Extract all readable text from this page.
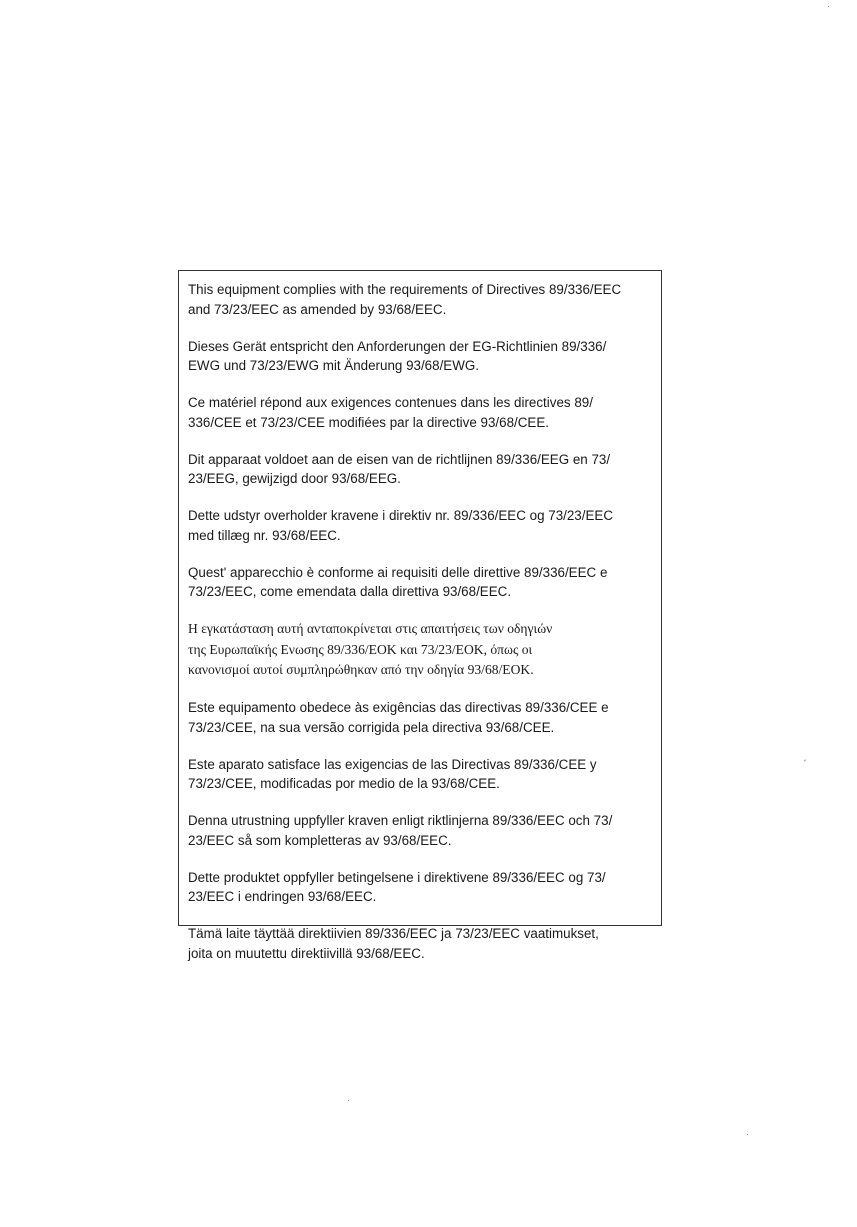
This equipment complies with the requirements of Directives 89/336/EEC
and 73/23/EEC as amended by 93/68/EEC.

Dieses Gerät entspricht den Anforderungen der EG-Richtlinien 89/336/
EWG und 73/23/EWG mit Änderung 93/68/EWG.

Ce matériel répond aux exigences contenues dans les directives 89/
336/CEE et 73/23/CEE modifiées par la directive 93/68/CEE.

Dit apparaat voldoet aan de eisen van de richtlijnen 89/336/EEG en 73/
23/EEG, gewijzigd door 93/68/EEG.

Dette udstyr overholder kravene i direktiv nr. 89/336/EEC og 73/23/EEC
med tillæg nr. 93/68/EEC.

Quest' apparecchio è conforme ai requisiti delle direttive 89/336/EEC e
73/23/EEC, come emendata dalla direttiva 93/68/EEC.

Η εγκατάσταση αυτή ανταποκρίνεται στις απαιτήσεις των οδηγιών
της Ευρωπαϊκής Ενωσης 89/336/ΕΟΚ και 73/23/ΕΟΚ, όπως οι
κανονισμοί αυτοί συμπληρώθηκαν από την οδηγία 93/68/ΕΟΚ.

Este equipamento obedece às exigências das directivas 89/336/CEE e
73/23/CEE, na sua versão corrigida pela directiva 93/68/CEE.

Este aparato satisface las exigencias de las Directivas 89/336/CEE y
73/23/CEE, modificadas por medio de la 93/68/CEE.

Denna utrustning uppfyller kraven enligt riktlinjerna 89/336/EEC och 73/
23/EEC så som kompletteras av 93/68/EEC.

Dette produktet oppfyller betingelsene i direktivene 89/336/EEC og 73/
23/EEC i endringen 93/68/EEC.

Tämä laite täyttää direktiivien 89/336/EEC ja 73/23/EEC vaatimukset,
joita on muutettu direktiivillä 93/68/EEC.
